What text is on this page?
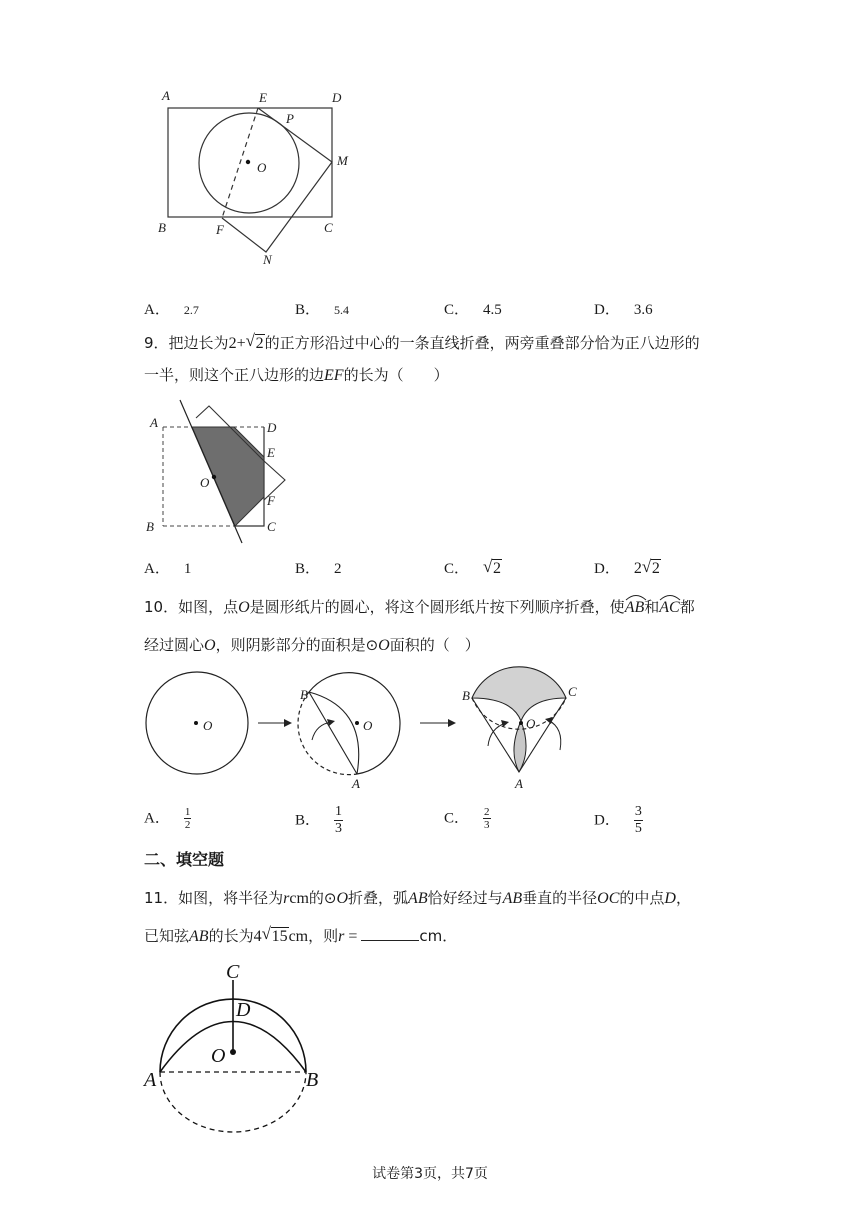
A	E	D
P
O	M
B	F	C
N
A． 2.7	B． 5.4	C． 4.5	D． 3.6
9．把边长为2+ √ 2的正方形沿过中心的一条直线折叠，两旁重叠部分恰为正八边形的
一半，则这个正八边形的边EF的长为（　　）
A	D
E
O
F
B	C
A． 1	B． 2	C． √ 2	D． 2 √ 2
10．如图，点O是圆形纸片的圆心，将这个圆形纸片按下列顺序折叠，使
AB和
AC都
经过圆心O，则阴影部分的面积是⊙O面积的（　）
O
B
O
A
B	C
O
A
A． $\frac{1}{2}$	B． $\frac{1}{3}$	C． $\frac{2}{3}$	D． $\frac{3}{5}$
二、填空题
11．如图，将半径为rcm的⊙O折叠，弧AB恰好经过与AB垂直的半径OC的中点D，
已知弦AB的长为4 √ 15cm，则r =	cm．
C
D
O
A	B
试卷第3页，共7页
